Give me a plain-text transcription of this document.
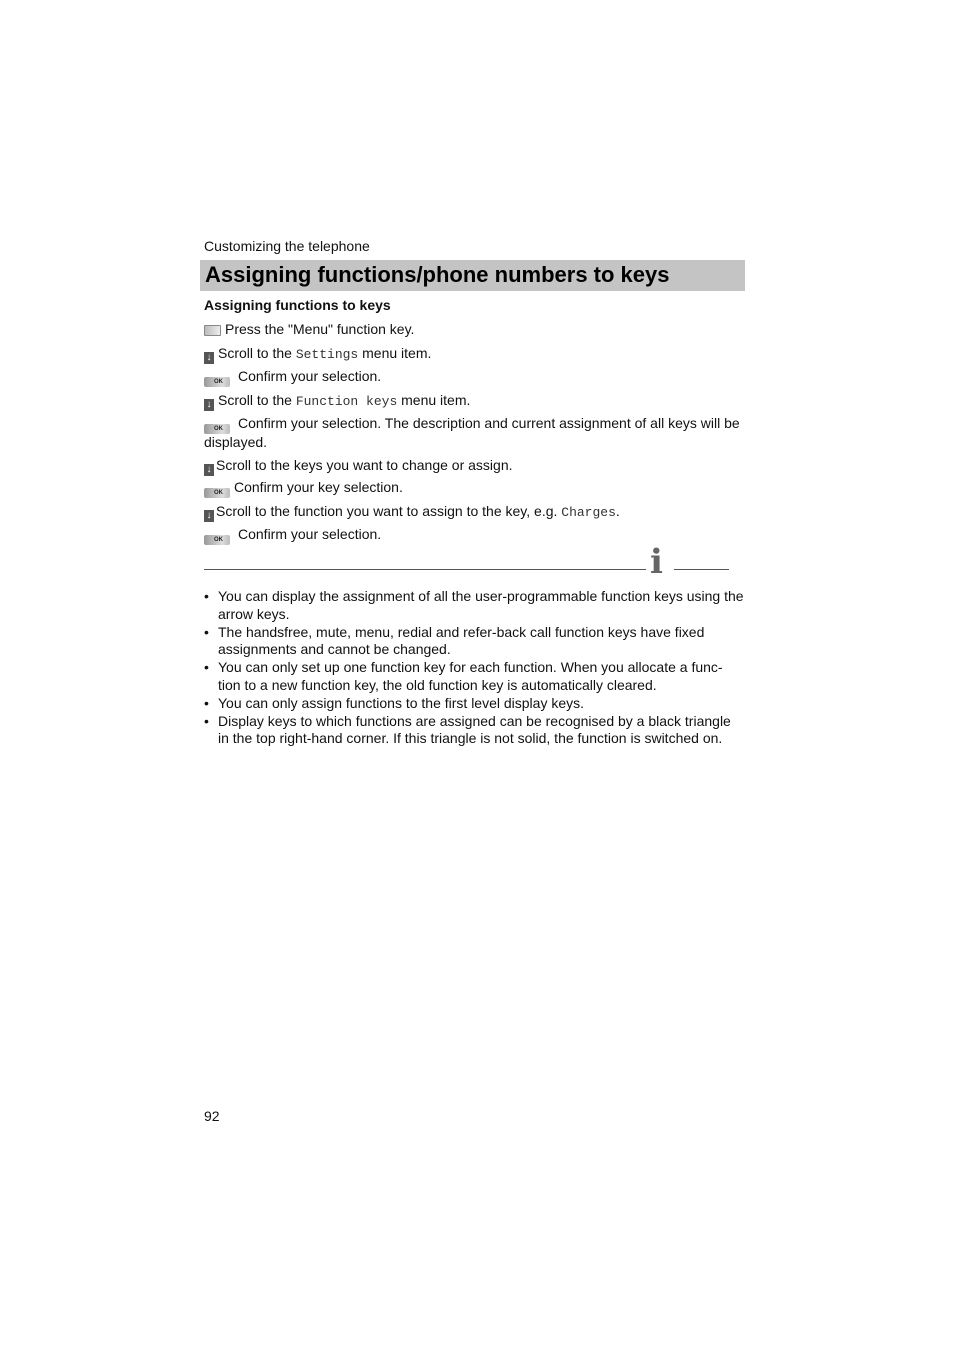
Customizing the telephone
Assigning functions/phone numbers to keys
Assigning functions to keys
Press the "Menu" function key.
↓ Scroll to the Settings menu item.
OK Confirm your selection.
↓ Scroll to the Function keys menu item.
OK Confirm your selection. The description and current assignment of all keys will be displayed.
↓ Scroll to the keys you want to change or assign.
OK Confirm your key selection.
↓ Scroll to the function you want to assign to the key, e.g. Charges.
OK Confirm your selection.
i
• You can display the assignment of all the user-programmable function keys using the arrow keys.
• The handsfree, mute, menu, redial and refer-back call function keys have fixed assignments and cannot be changed.
• You can only set up one function key for each function. When you allocate a func-tion to a new function key, the old function key is automatically cleared.
• You can only assign functions to the first level display keys.
• Display keys to which functions are assigned can be recognised by a black triangle in the top right-hand corner. If this triangle is not solid, the function is switched on.
92
